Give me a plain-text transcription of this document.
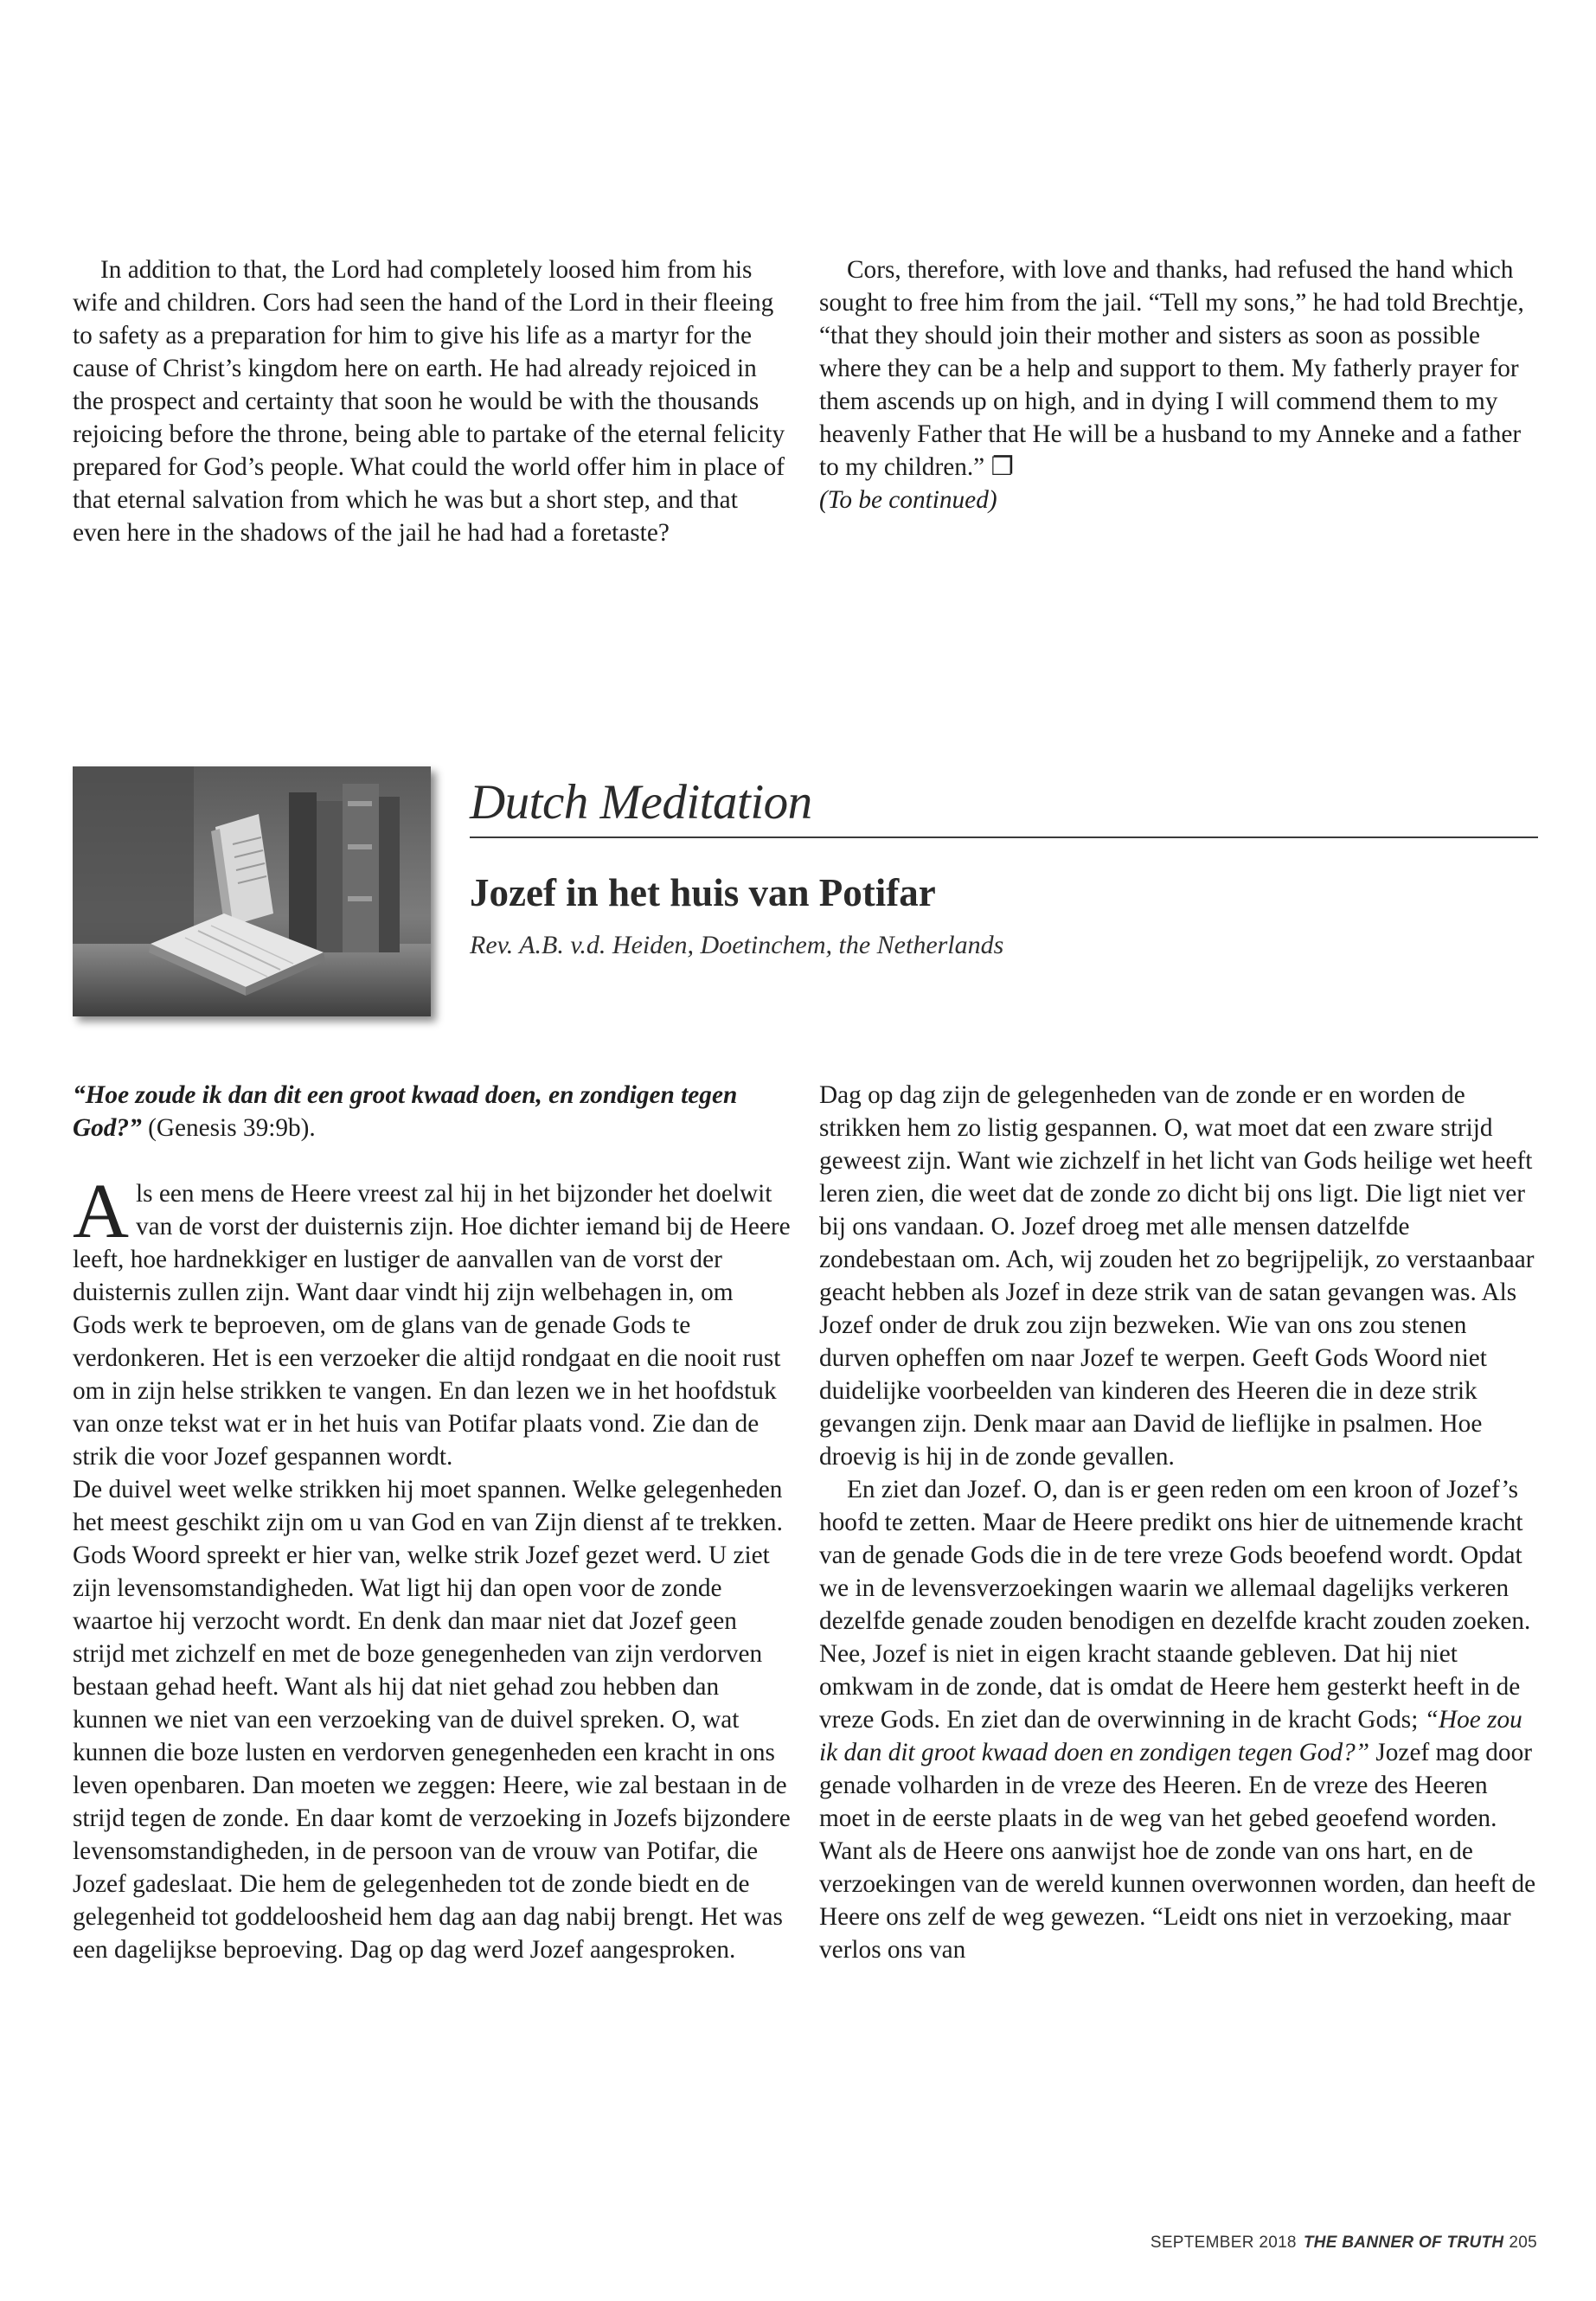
In addition to that, the Lord had completely loosed him from his wife and children. Cors had seen the hand of the Lord in their fleeing to safety as a preparation for him to give his life as a martyr for the cause of Christ’s kingdom here on earth. He had already rejoiced in the prospect and certainty that soon he would be with the thousands rejoicing before the throne, being able to partake of the eternal felicity prepared for God’s people. What could the world offer him in place of that eternal salvation from which he was but a short step, and that even here in the shadows of the jail he had had a foretaste?

Cors, therefore, with love and thanks, had refused the hand which sought to free him from the jail. “Tell my sons,” he had told Brechtje, “that they should join their mother and sisters as soon as possible where they can be a help and support to them. My fatherly prayer for them ascends up on high, and in dying I will commend them to my heavenly Father that He will be a husband to my Anneke and a father to my children.” ❐

(To be continued)

Dutch Meditation
Jozef in het huis van Potifar
Rev. A.B. v.d. Heiden, Doetinchem, the Netherlands

“Hoe zoude ik dan dit een groot kwaad doen, en zondigen tegen God?” (Genesis 39:9b).

Als een mens de Heere vreest zal hij in het bijzonder het doelwit van de vorst der duisternis zijn. Hoe dichter iemand bij de Heere leeft, hoe hardnekkiger en lustiger de aanvallen van de vorst der duisternis zullen zijn. Want daar vindt hij zijn welbehagen in, om Gods werk te beproeven, om de glans van de genade Gods te verdonkeren. Het is een verzoeker die altijd rondgaat en die nooit rust om in zijn helse strikken te vangen. En dan lezen we in het hoofdstuk van onze tekst wat er in het huis van Potifar plaats vond. Zie dan de strik die voor Jozef gespannen wordt.

De duivel weet welke strikken hij moet spannen. Welke gelegenheden het meest geschikt zijn om u van God en van Zijn dienst af te trekken. Gods Woord spreekt er hier van, welke strik Jozef gezet werd. U ziet zijn levensomstandigheden. Wat ligt hij dan open voor de zonde waartoe hij verzocht wordt. En denk dan maar niet dat Jozef geen strijd met zichzelf en met de boze genegenheden van zijn verdorven bestaan gehad heeft. Want als hij dat niet gehad zou hebben dan kunnen we niet van een verzoeking van de duivel spreken. O, wat kunnen die boze lusten en verdorven genegenheden een kracht in ons leven openbaren. Dan moeten we zeggen: Heere, wie zal bestaan in de strijd tegen de zonde. En daar komt de verzoeking in Jozefs bijzondere levensomstandigheden, in de persoon van de vrouw van Potifar, die Jozef gadeslaat. Die hem de gelegenheden tot de zonde biedt en de gelegenheid tot goddeloosheid hem dag aan dag nabij brengt. Het was een dagelijkse beproeving. Dag op dag werd Jozef aangesproken.

Dag op dag zijn de gelegenheden van de zonde er en worden de strikken hem zo listig gespannen. O, wat moet dat een zware strijd geweest zijn. Want wie zichzelf in het licht van Gods heilige wet heeft leren zien, die weet dat de zonde zo dicht bij ons ligt. Die ligt niet ver bij ons vandaan. O. Jozef droeg met alle mensen datzelfde zondebestaan om. Ach, wij zouden het zo begrijpelijk, zo verstaanbaar geacht hebben als Jozef in deze strik van de satan gevangen was. Als Jozef onder de druk zou zijn bezweken. Wie van ons zou stenen durven opheffen om naar Jozef te werpen. Geeft Gods Woord niet duidelijke voorbeelden van kinderen des Heeren die in deze strik gevangen zijn. Denk maar aan David de lieflijke in psalmen. Hoe droevig is hij in de zonde gevallen.

En ziet dan Jozef. O, dan is er geen reden om een kroon of Jozef’s hoofd te zetten. Maar de Heere predikt ons hier de uitnemende kracht van de genade Gods die in de tere vreze Gods beoefend wordt. Opdat we in de levensverzoekingen waarin we allemaal dagelijks verkeren dezelfde genade zouden benodigen en dezelfde kracht zouden zoeken. Nee, Jozef is niet in eigen kracht staande gebleven. Dat hij niet omkwam in de zonde, dat is omdat de Heere hem gesterkt heeft in de vreze Gods. En ziet dan de overwinning in de kracht Gods; “Hoe zou ik dan dit groot kwaad doen en zondigen tegen God?” Jozef mag door genade volharden in de vreze des Heeren. En de vreze des Heeren moet in de eerste plaats in de weg van het gebed geoefend worden. Want als de Heere ons aanwijst hoe de zonde van ons hart, en de verzoekingen van de wereld kunnen overwonnen worden, dan heeft de Heere ons zelf de weg gewezen. “Leidt ons niet in verzoeking, maar verlos ons van

SEPTEMBER 2018 THE BANNER OF TRUTH 205
